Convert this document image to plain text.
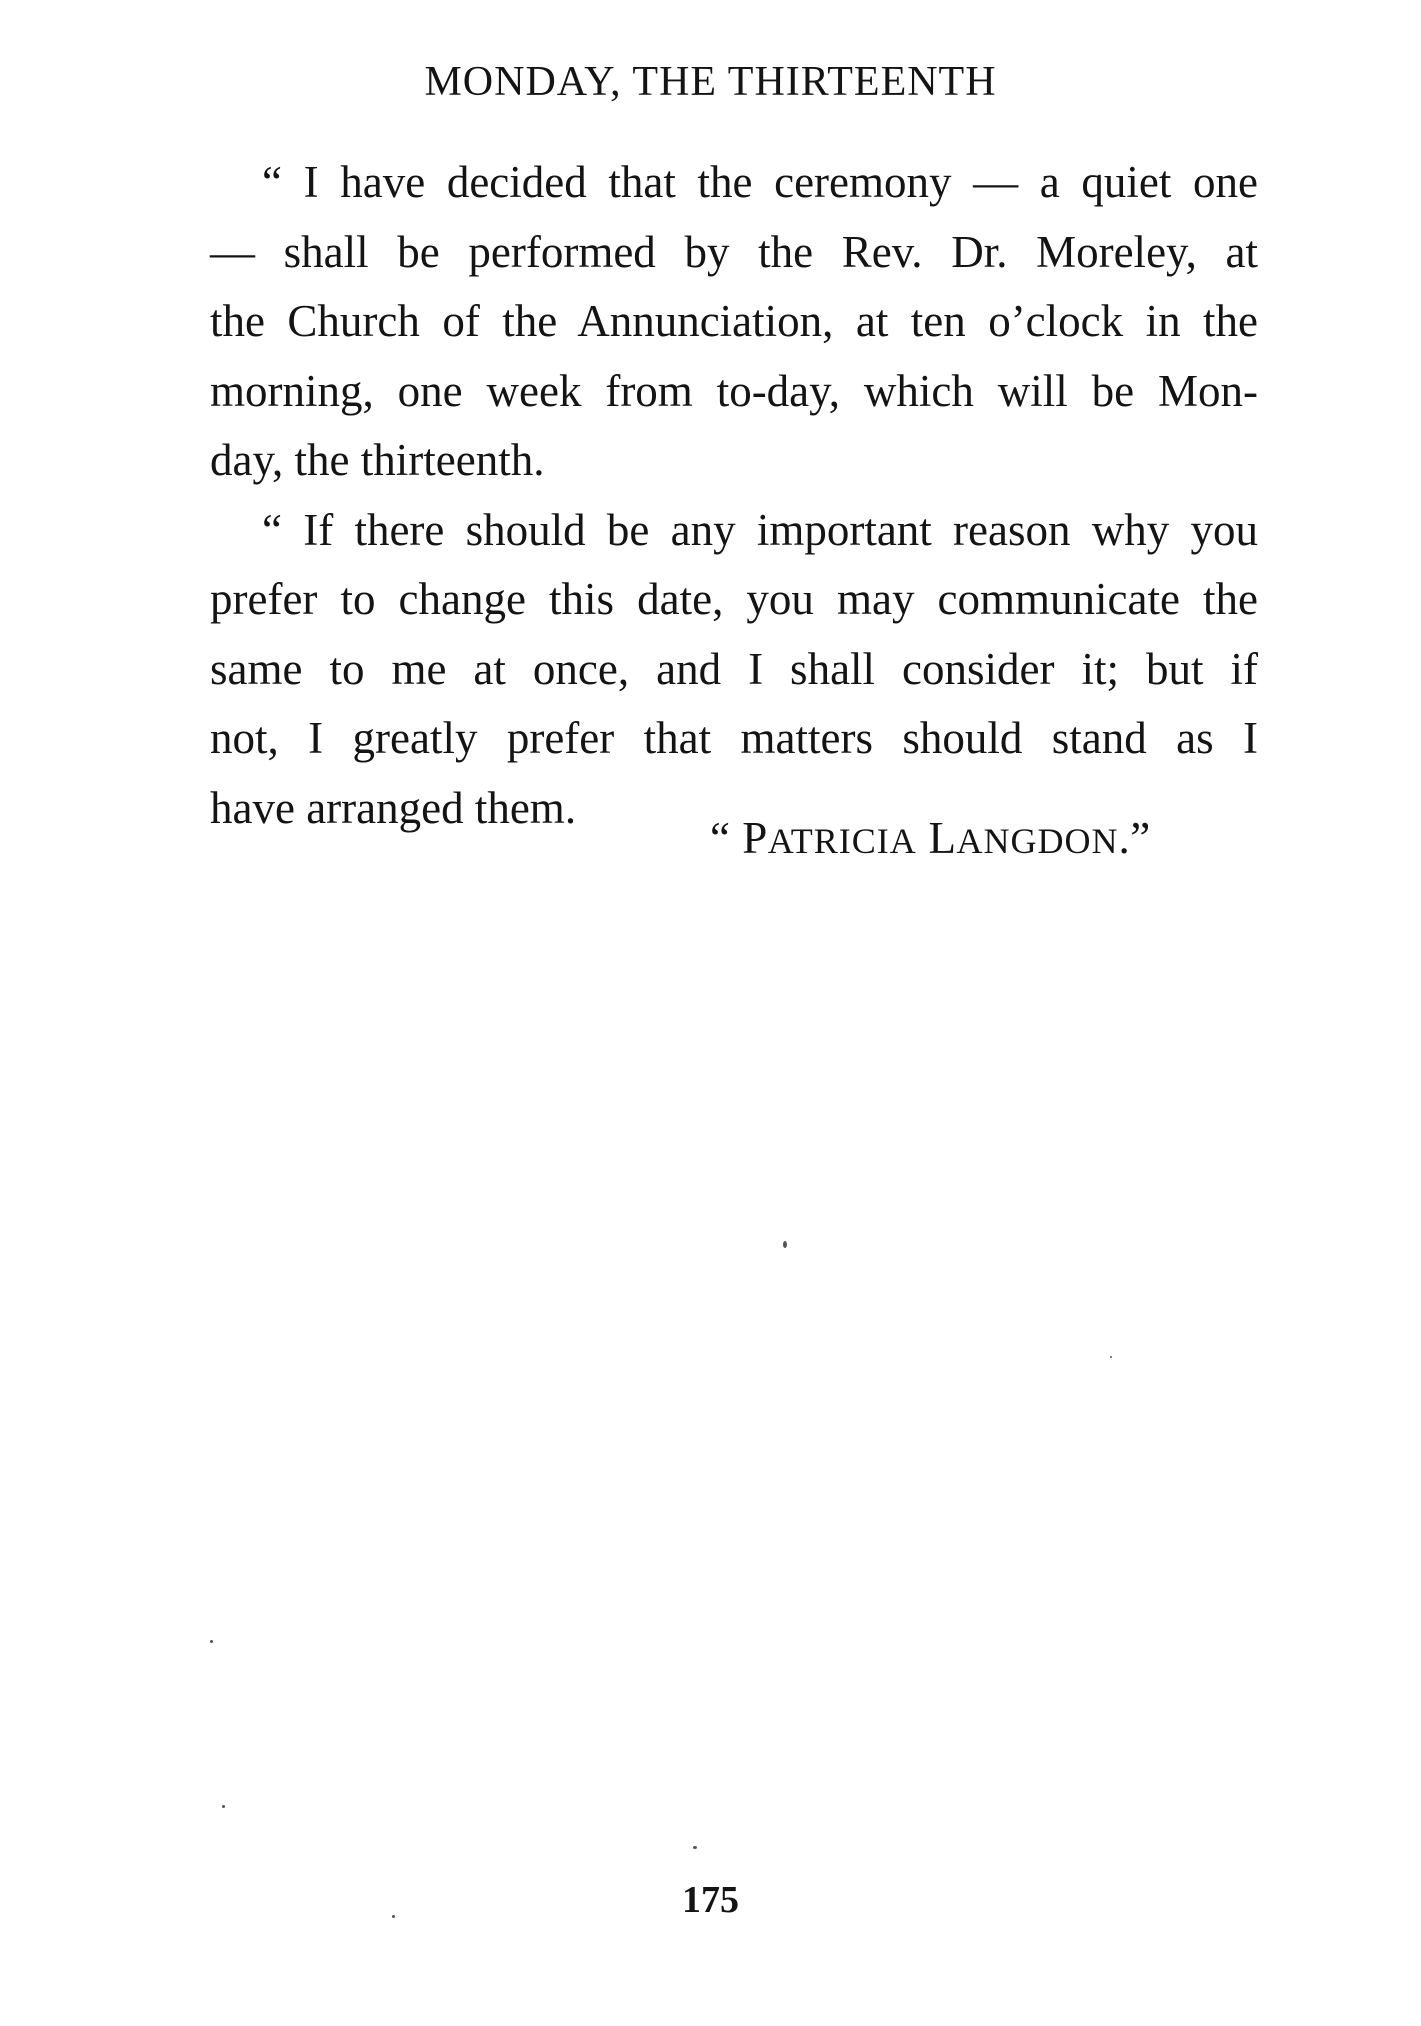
MONDAY, THE THIRTEENTH
“ I have decided that the ceremony — a quiet one
— shall be performed by the Rev. Dr. Moreley, at
the Church of the Annunciation, at ten o’clock in the
morning, one week from to-day, which will be Mon-
day, the thirteenth.
“ If there should be any important reason why you
prefer to change this date, you may communicate the
same to me at once, and I shall consider it; but if
not, I greatly prefer that matters should stand as I
have arranged them.
“ PATRICIA LANGDON.”
175
